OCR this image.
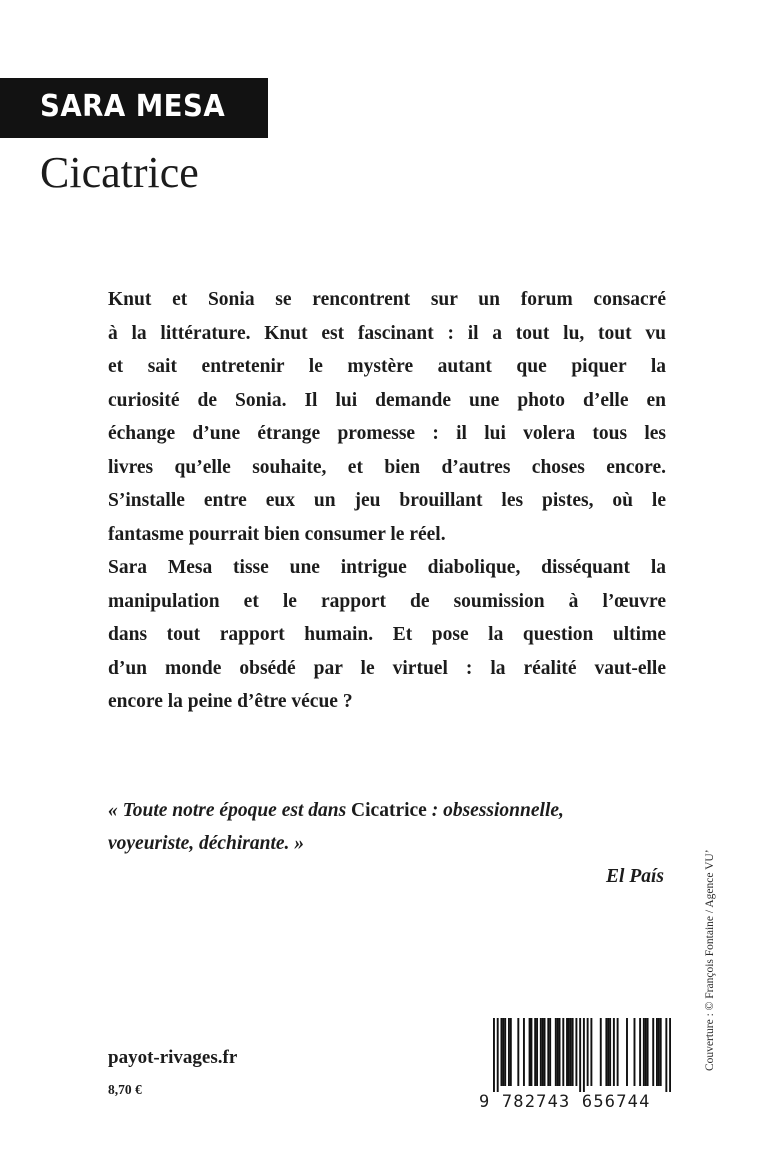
SARA MESA
Cicatrice
Knut et Sonia se rencontrent sur un forum consacré
à la littérature. Knut est fascinant : il a tout lu, tout vu
et sait entretenir le mystère autant que piquer la
curiosité de Sonia. Il lui demande une photo d’elle en
échange d’une étrange promesse : il lui volera tous les
livres qu’elle souhaite, et bien d’autres choses encore.
S’installe entre eux un jeu brouillant les pistes, où le
fantasme pourrait bien consumer le réel.
Sara Mesa tisse une intrigue diabolique, disséquant la
manipulation et le rapport de soumission à l’œuvre
dans tout rapport humain. Et pose la question ultime
d’un monde obsédé par le virtuel : la réalité vaut-elle
encore la peine d’être vécue ?
« Toute notre époque est dans Cicatrice : obsessionnelle,
voyeuriste, déchirante. »
El País
payot-rivages.fr
8,70 €
9 782743 656744
Couverture : © François Fontaine / Agence VU’
